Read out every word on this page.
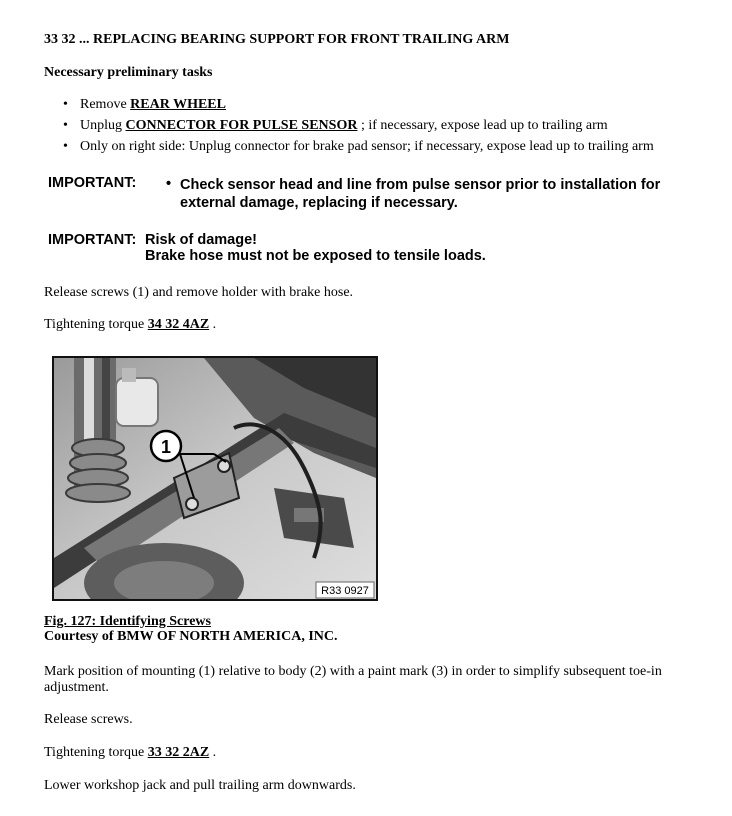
33 32 ... REPLACING BEARING SUPPORT FOR FRONT TRAILING ARM
Necessary preliminary tasks
• Remove REAR WHEEL
• Unplug CONNECTOR FOR PULSE SENSOR ; if necessary, expose lead up to trailing arm
• Only on right side: Unplug connector for brake pad sensor; if necessary, expose lead up to trailing arm
IMPORTANT: • Check sensor head and line from pulse sensor prior to installation for external damage, replacing if necessary.
IMPORTANT: Risk of damage!
Brake hose must not be exposed to tensile loads.
Release screws (1) and remove holder with brake hose.
Tightening torque 34 32 4AZ .
1
R33 0927
Fig. 127: Identifying Screws
Courtesy of BMW OF NORTH AMERICA, INC.
Mark position of mounting (1) relative to body (2) with a paint mark (3) in order to simplify subsequent toe-in adjustment.
Release screws.
Tightening torque 33 32 2AZ .
Lower workshop jack and pull trailing arm downwards.
